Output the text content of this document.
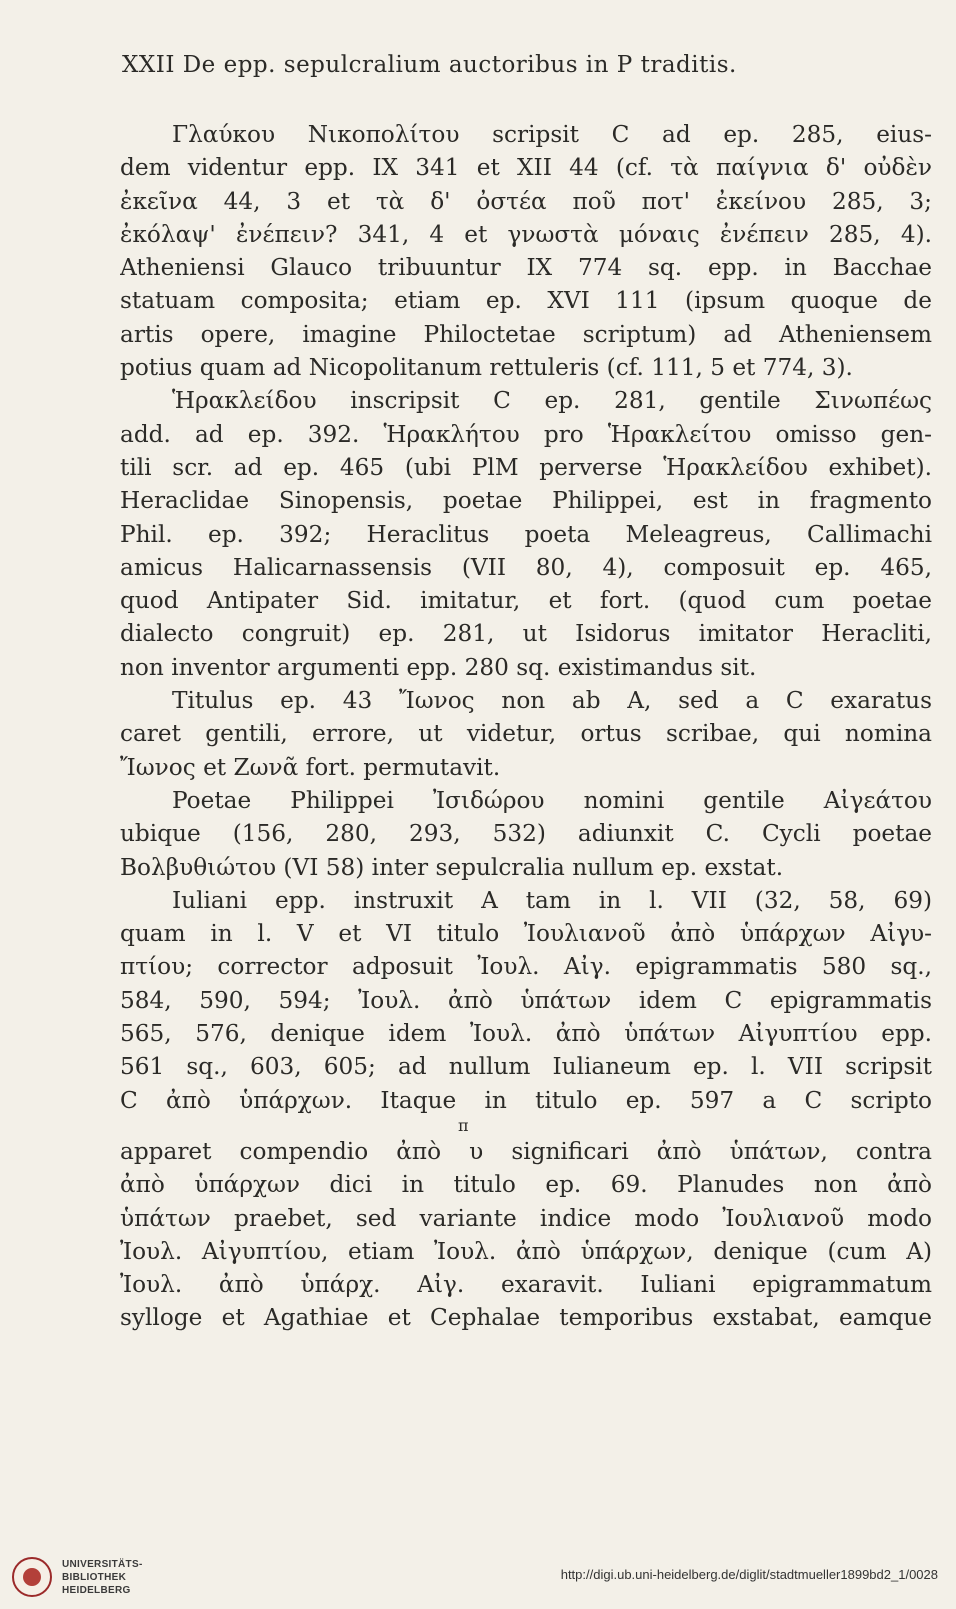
XXII De epp. sepulcralium auctoribus in P traditis.
Γλαύκου Νικοπολίτου scripsit C ad ep. 285, eius-
dem videntur epp. IX 341 et XII 44 (cf. τὰ παίγνια δ' οὐδὲν
ἐκεῖνα 44, 3 et τὰ δ' ὀστέα ποῦ ποτ' ἐκείνου 285, 3;
ἐκόλαψ' ἐνέπειν? 341, 4 et γνωστὰ μόναις ἐνέπειν 285, 4).
Atheniensi Glauco tribuuntur IX 774 sq. epp. in Bacchae
statuam composita; etiam ep. XVI 111 (ipsum quoque de
artis opere, imagine Philoctetae scriptum) ad Atheniensem
potius quam ad Nicopolitanum rettuleris (cf. 111, 5 et 774, 3).
Ἡρακλείδου inscripsit C ep. 281, gentile Σινωπέως
add. ad ep. 392. Ἡρακλήτου pro Ἡρακλείτου omisso gen-
tili scr. ad ep. 465 (ubi PlM perverse Ἡρακλείδου exhibet).
Heraclidae Sinopensis, poetae Philippei, est in fragmento
Phil. ep. 392; Heraclitus poeta Meleagreus, Callimachi
amicus Halicarnassensis (VII 80, 4), composuit ep. 465,
quod Antipater Sid. imitatur, et fort. (quod cum poetae
dialecto congruit) ep. 281, ut Isidorus imitator Heracliti,
non inventor argumenti epp. 280 sq. existimandus sit.
Titulus ep. 43 Ἴωνος non ab A, sed a C exaratus
caret gentili, errore, ut videtur, ortus scribae, qui nomina
Ἴωνος et Ζωνᾶ fort. permutavit.
Poetae Philippei Ἰσιδώρου nomini gentile Αἰγεάτου
ubique (156, 280, 293, 532) adiunxit C. Cycli poetae
Βολβυθιώτου (VI 58) inter sepulcralia nullum ep. exstat.
Iuliani epp. instruxit A tam in l. VII (32, 58, 69)
quam in l. V et VI titulo Ἰουλιανοῦ ἀπὸ ὑπάρχων Αἰγυ-
πτίου; corrector adposuit Ἰουλ. Αἰγ. epigrammatis 580 sq.,
584, 590, 594; Ἰουλ. ἀπὸ ὑπάτων idem C epigrammatis
565, 576, denique idem Ἰουλ. ἀπὸ ὑπάτων Αἰγυπτίου epp.
561 sq., 603, 605; ad nullum Iulianeum ep. l. VII scripsit
C ἀπὸ ὑπάρχων. Itaque in titulo ep. 597 a C scripto
π
apparet compendio ἀπὸ υ significari ἀπὸ ὑπάτων, contra
ἀπὸ ὑπάρχων dici in titulo ep. 69. Planudes non ἀπὸ
ὑπάτων praebet, sed variante indice modo Ἰουλιανοῦ modo
Ἰουλ. Αἰγυπτίου, etiam Ἰουλ. ἀπὸ ὑπάρχων, denique (cum A)
Ἰουλ. ἀπὸ ὑπάρχ. Αἰγ. exaravit. Iuliani epigrammatum
sylloge et Agathiae et Cephalae temporibus exstabat, eamque
UNIVERSITÄTS-
BIBLIOTHEK
HEIDELBERG
http://digi.ub.uni-heidelberg.de/diglit/stadtmueller1899bd2_1/0028
